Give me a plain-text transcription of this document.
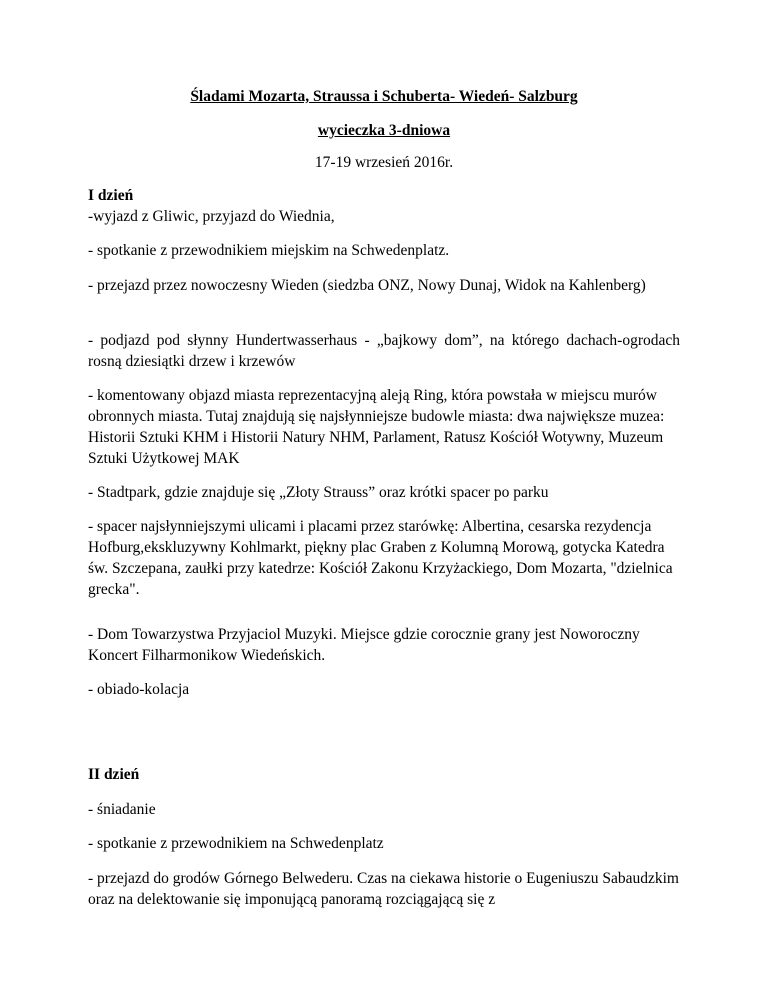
Śladami Mozarta, Straussa i Schuberta- Wiedeń- Salzburg

wycieczka 3-dniowa

17-19 wrzesień 2016r.

I dzień

-wyjazd z Gliwic, przyjazd do Wiednia,

- spotkanie z przewodnikiem miejskim na Schwedenplatz.

- przejazd przez nowoczesny Wieden (siedzba ONZ, Nowy Dunaj, Widok na Kahlenberg)

- podjazd pod słynny Hundertwasserhaus - „bajkowy dom”, na którego dachach-ogrodach rosną dziesiątki drzew i krzewów

- komentowany objazd miasta reprezentacyjną aleją Ring, która powstała w miejscu murów obronnych miasta. Tutaj znajdują się najsłynniejsze budowle miasta: dwa największe muzea: Historii Sztuki KHM i Historii Natury NHM, Parlament, Ratusz Kościół Wotywny, Muzeum Sztuki Użytkowej MAK

- Stadtpark, gdzie znajduje się „Złoty Strauss” oraz krótki spacer po parku

- spacer najsłynniejszymi ulicami i placami przez starówkę: Albertina, cesarska rezydencja Hofburg,ekskluzywny Kohlmarkt, piękny plac Graben z Kolumną Morową, gotycka Katedra św. Szczepana, zaułki przy katedrze: Kościół Zakonu Krzyżackiego, Dom Mozarta, "dzielnica grecka".

- Dom Towarzystwa Przyjaciol Muzyki. Miejsce gdzie corocznie grany jest Noworoczny Koncert Filharmonikow Wiedeńskich.

- obiado-kolacja

II dzień

- śniadanie

- spotkanie z przewodnikiem na Schwedenplatz

- przejazd do grodów Górnego Belwederu. Czas na ciekawa historie o Eugeniuszu Sabaudzkim oraz na delektowanie się imponującą panoramą rozciągającą się z
